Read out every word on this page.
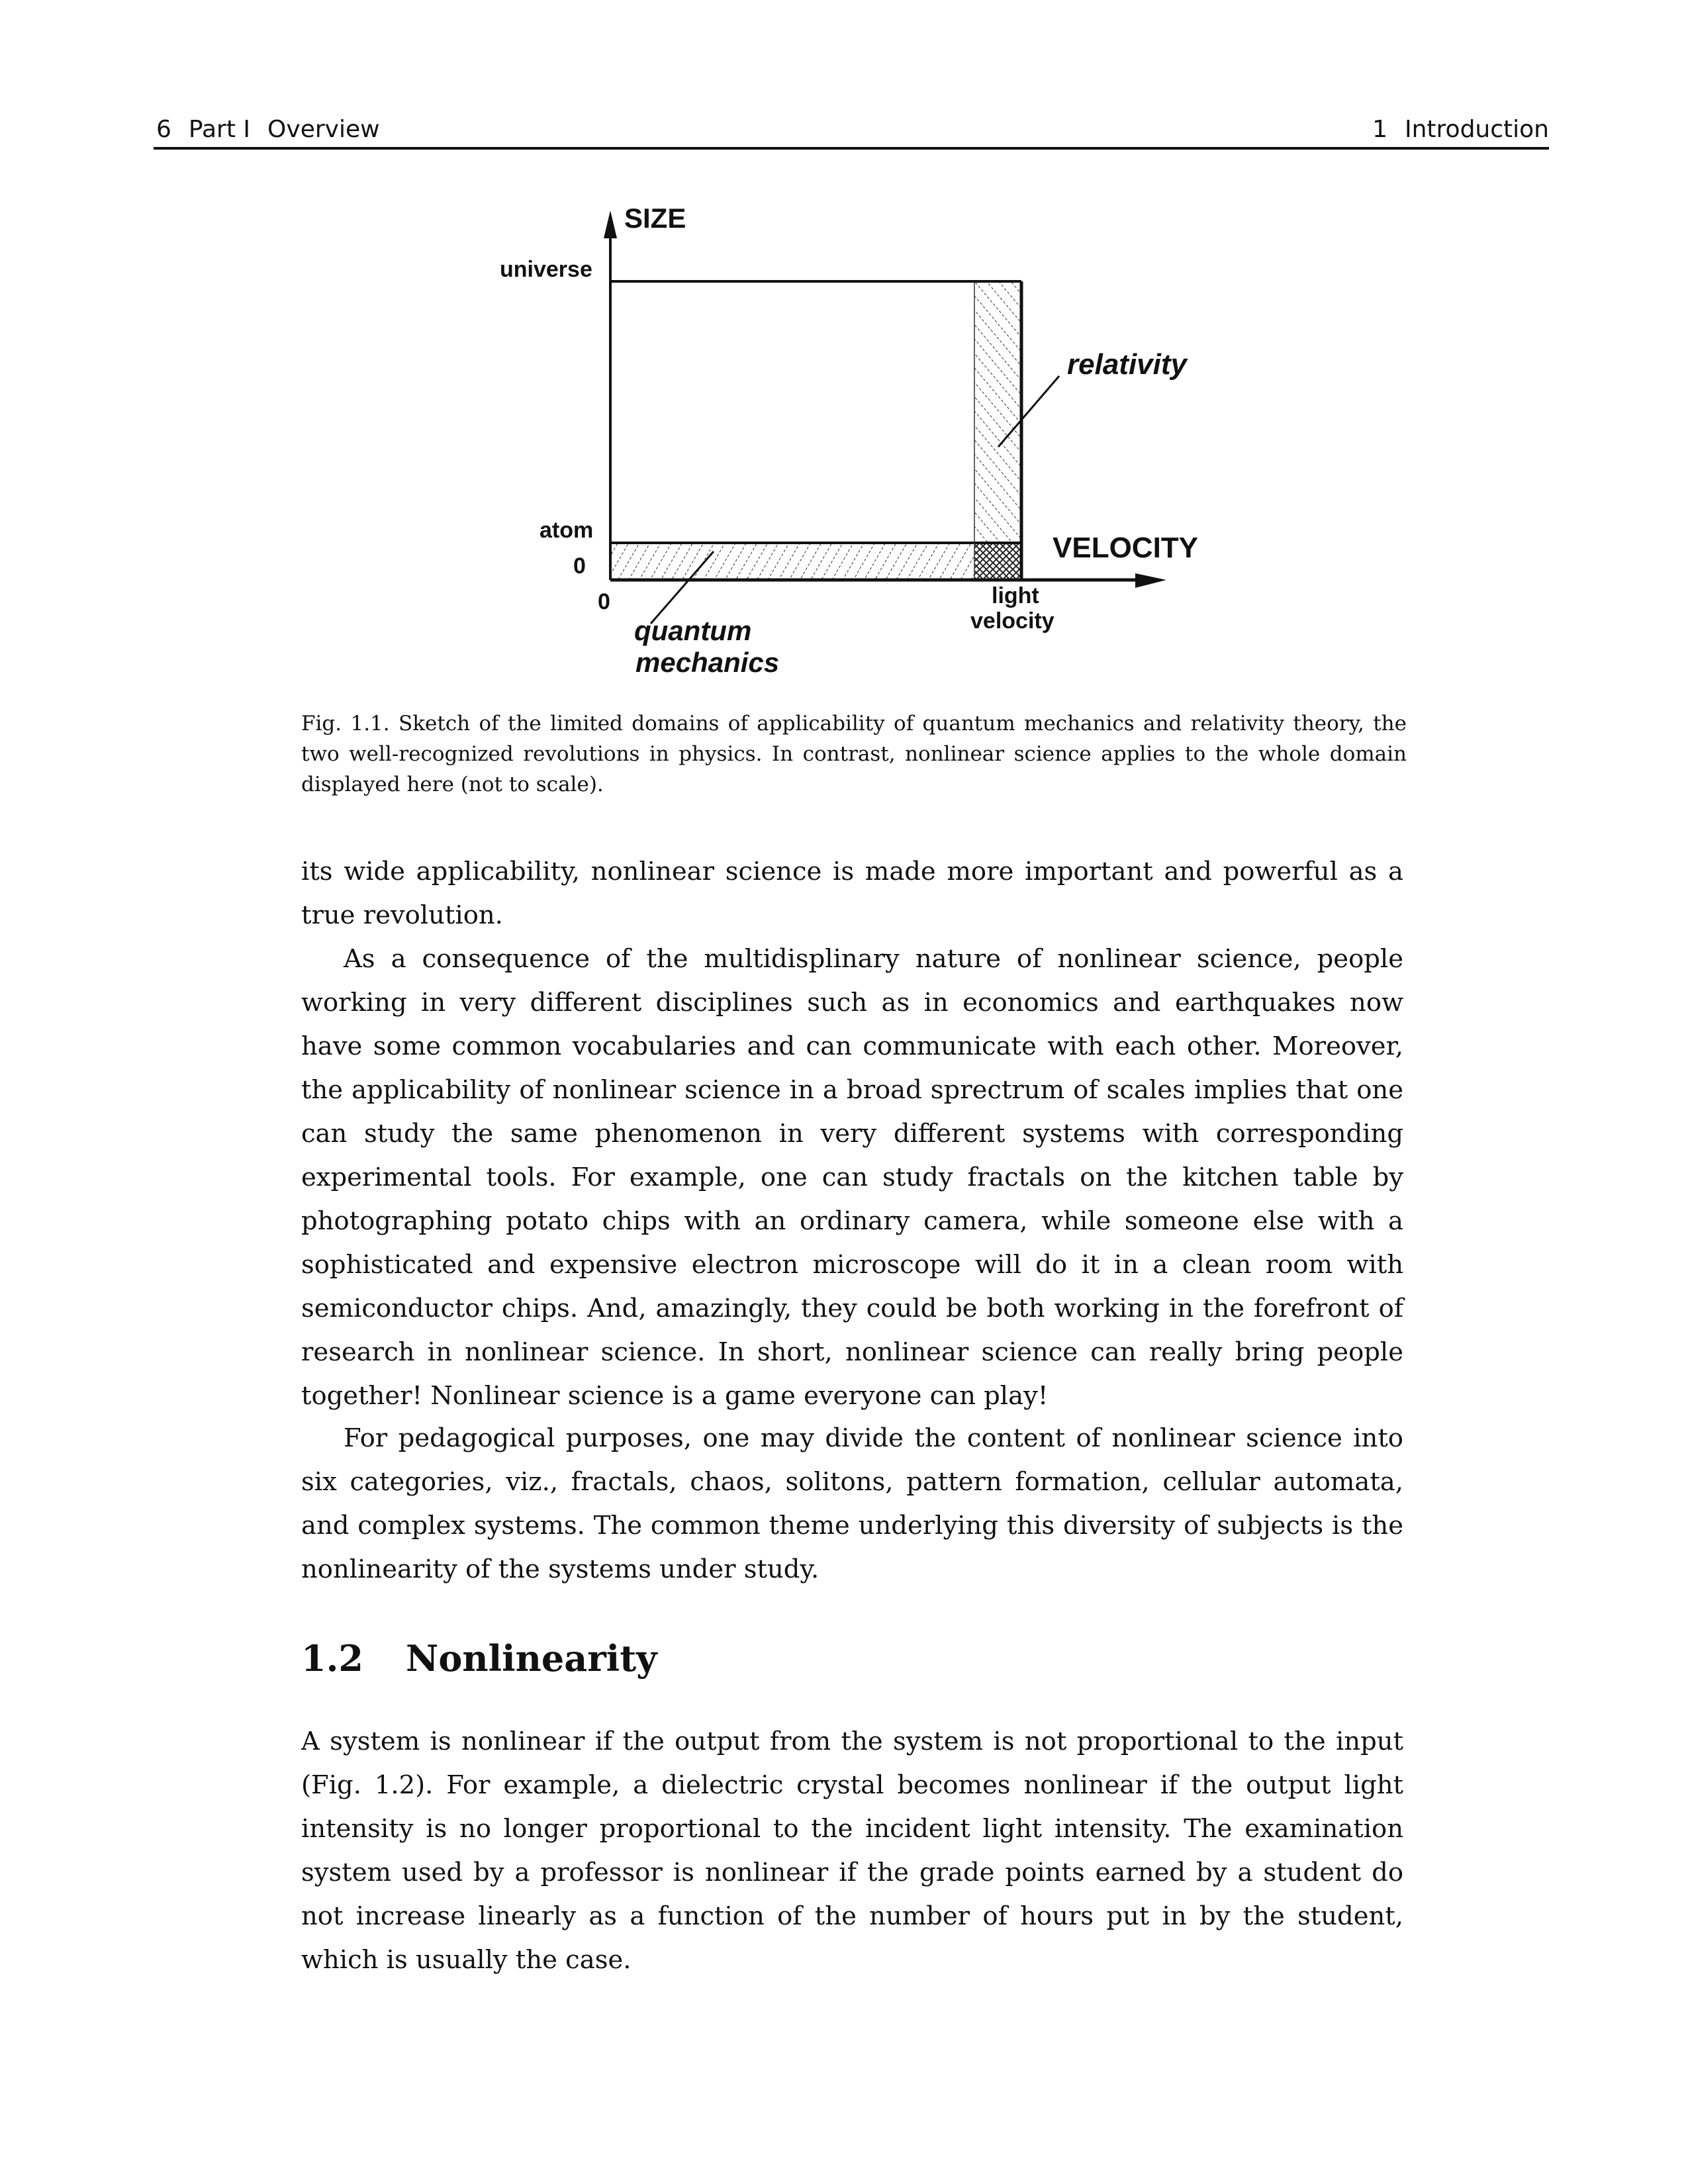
6 Part I Overview	1 Introduction
SIZE
universe
atom
0
0
VELOCITY
relativity
light
velocity
quantum
mechanics
Fig. 1.1. Sketch of the limited domains of applicability of quantum mechanics and relativity theory, the two well-recognized revolutions in physics. In contrast, nonlinear science applies to the whole domain displayed here (not to scale).

its wide applicability, nonlinear science is made more important and powerful as a true revolution.

As a consequence of the multidisplinary nature of nonlinear science, people working in very different disciplines such as in economics and earthquakes now have some common vocabularies and can communicate with each other. Moreover, the applicability of nonlinear science in a broad sprectrum of scales implies that one can study the same phenomenon in very different systems with corresponding experimental tools. For example, one can study fractals on the kitchen table by photographing potato chips with an ordinary camera, while someone else with a sophisticated and expensive electron microscope will do it in a clean room with semiconductor chips. And, amazingly, they could be both working in the forefront of research in nonlinear science. In short, nonlinear science can really bring people together! Nonlinear science is a game everyone can play!

For pedagogical purposes, one may divide the content of nonlinear science into six categories, viz., fractals, chaos, solitons, pattern formation, cellular automata, and complex systems. The common theme underlying this diversity of subjects is the nonlinearity of the systems under study.

1.2 Nonlinearity

A system is nonlinear if the output from the system is not proportional to the input (Fig. 1.2). For example, a dielectric crystal becomes nonlinear if the output light intensity is no longer proportional to the incident light intensity. The examination system used by a professor is nonlinear if the grade points earned by a student do not increase linearly as a function of the number of hours put in by the student, which is usually the case.
